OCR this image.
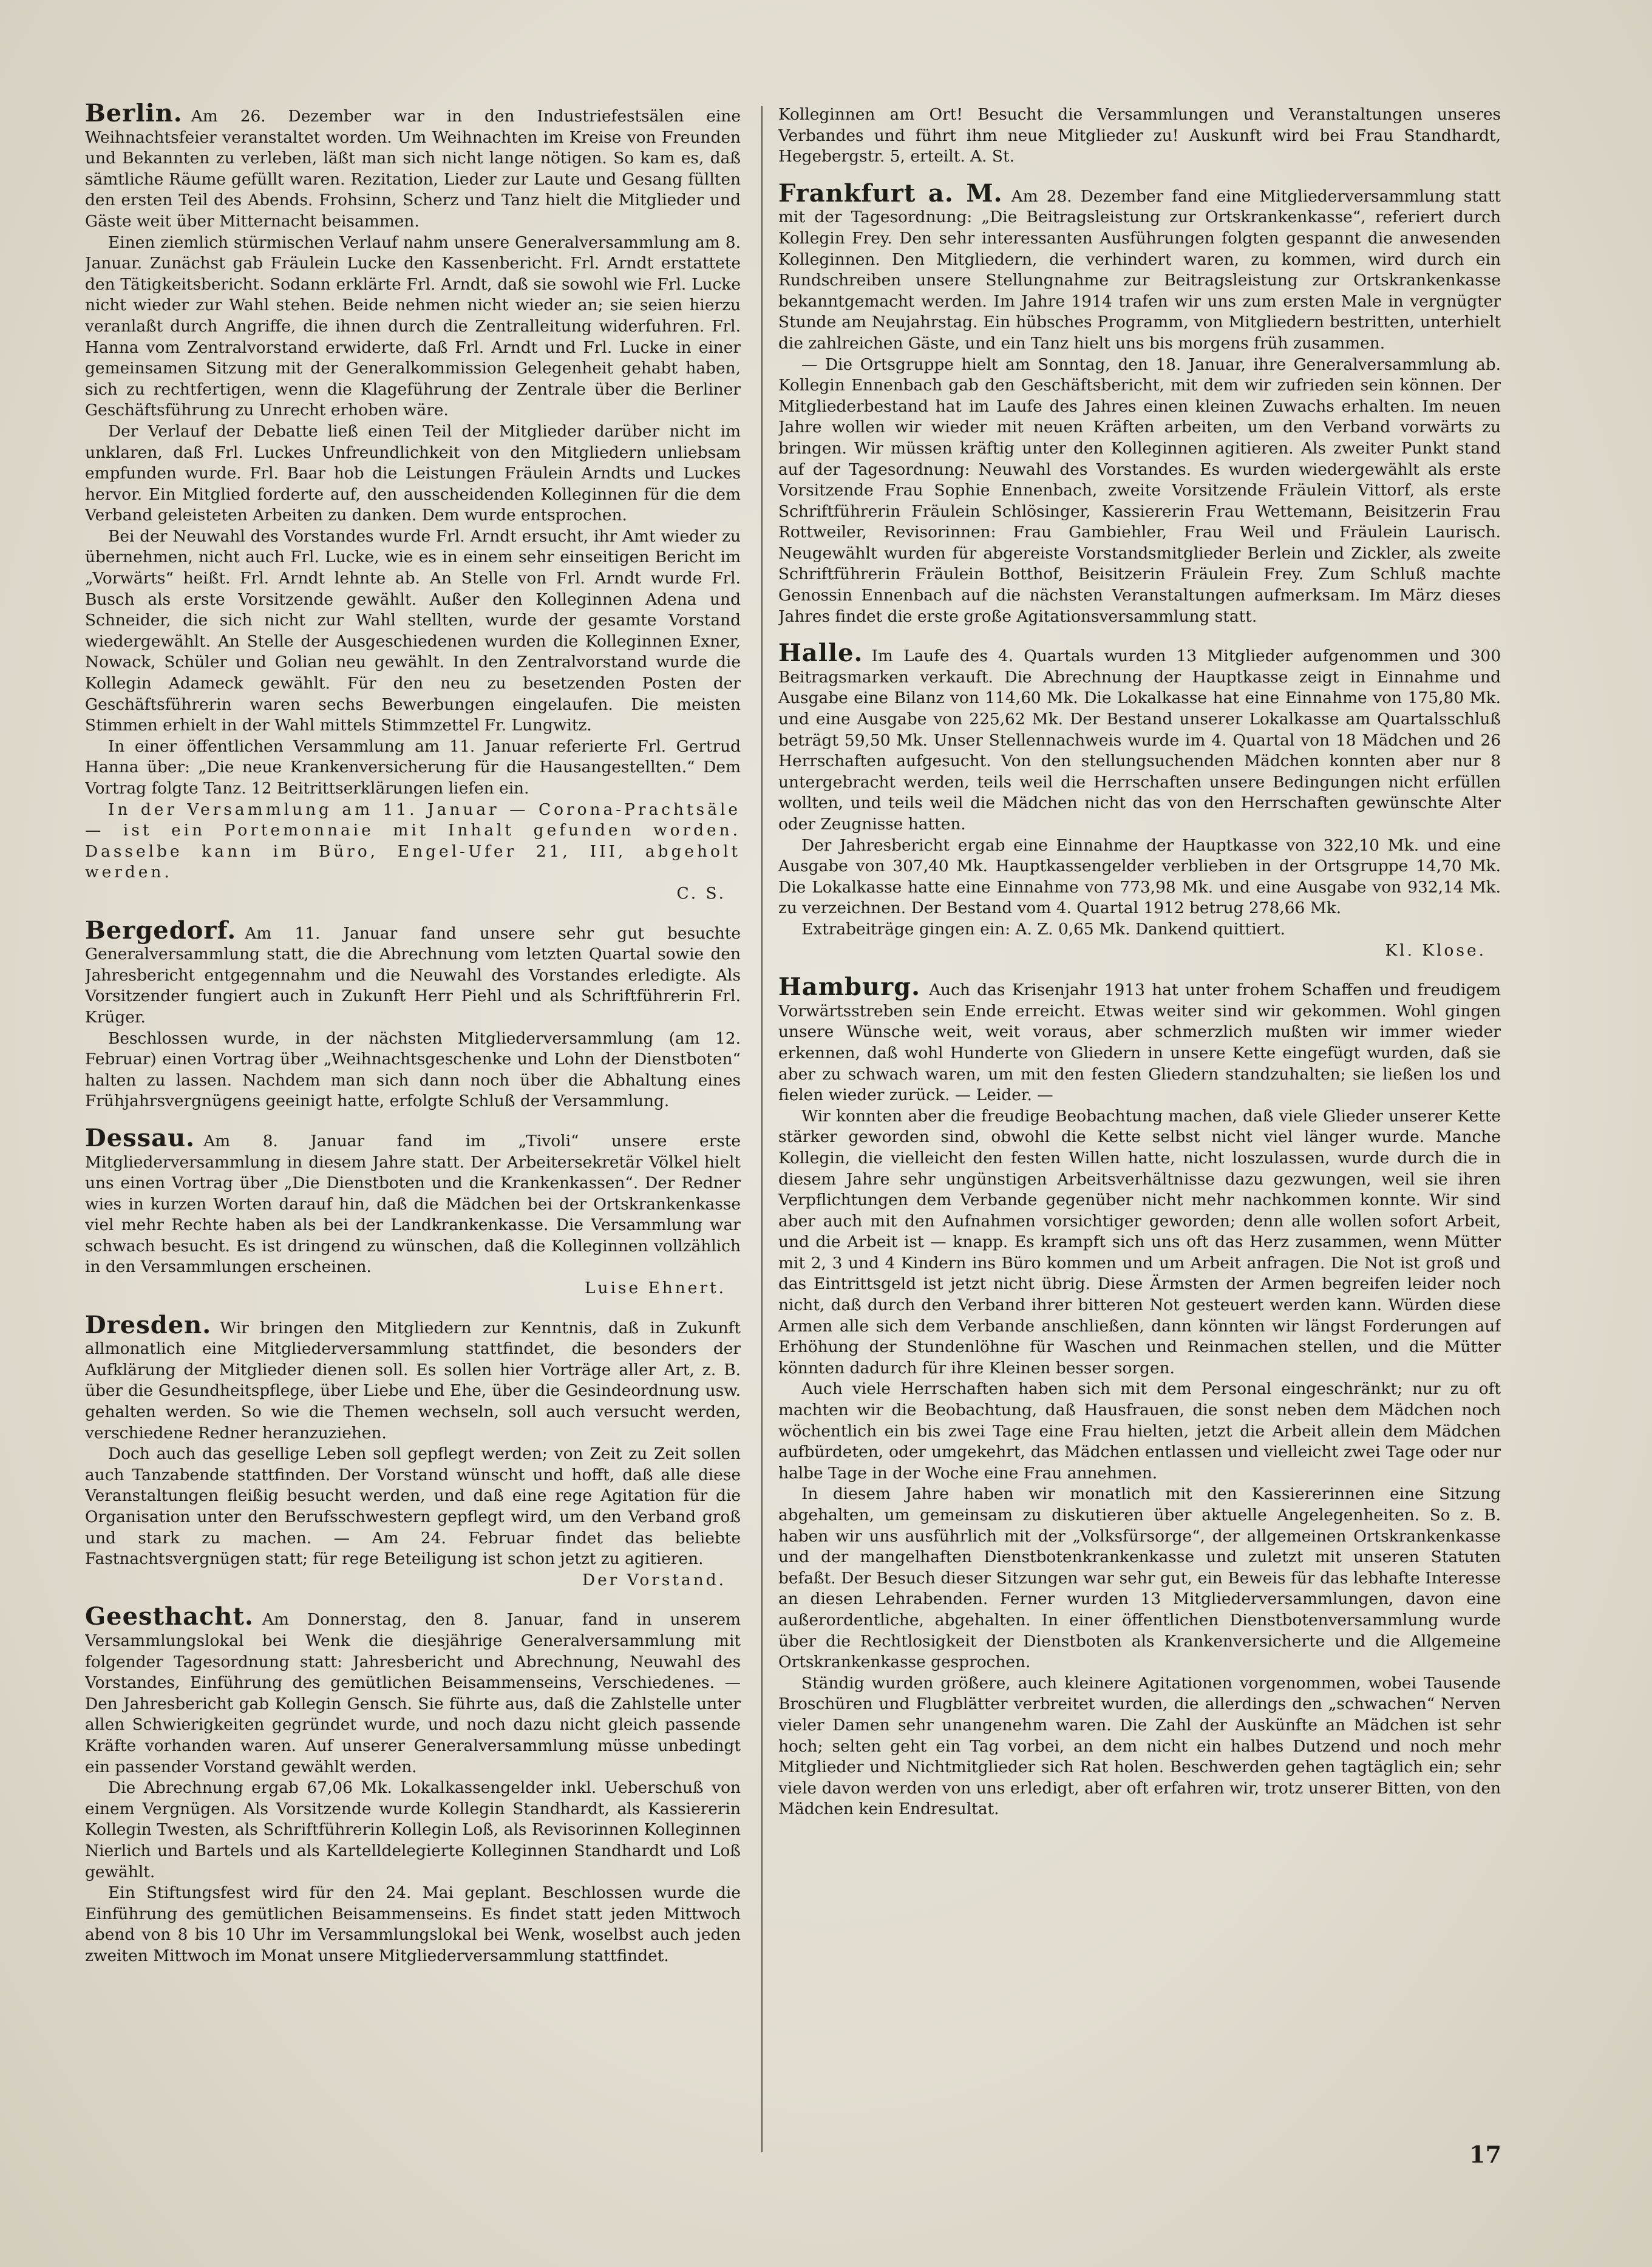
Berlin. Am 26. Dezember war in den Industriefestsälen eine Weihnachtsfeier veranstaltet worden. Um Weihnachten im Kreise von Freunden und Bekannten zu verleben, läßt man sich nicht lange nötigen. So kam es, daß sämtliche Räume gefüllt waren. Rezitation, Lieder zur Laute und Gesang füllten den ersten Teil des Abends. Frohsinn, Scherz und Tanz hielt die Mitglieder und Gäste weit über Mitternacht beisammen.

Einen ziemlich stürmischen Verlauf nahm unsere Generalversammlung am 8. Januar. Zunächst gab Fräulein Lucke den Kassenbericht. Frl. Arndt erstattete den Tätigkeitsbericht. Sodann erklärte Frl. Arndt, daß sie sowohl wie Frl. Lucke nicht wieder zur Wahl stehen. Beide nehmen nicht wieder an; sie seien hierzu veranlaßt durch Angriffe, die ihnen durch die Zentralleitung widerfuhren. Frl. Hanna vom Zentralvorstand erwiderte, daß Frl. Arndt und Frl. Lucke in einer gemeinsamen Sitzung mit der Generalkommission Gelegenheit gehabt haben, sich zu rechtfertigen, wenn die Klageführung der Zentrale über die Berliner Geschäftsführung zu Unrecht erhoben wäre.

Der Verlauf der Debatte ließ einen Teil der Mitglieder darüber nicht im unklaren, daß Frl. Luckes Unfreundlichkeit von den Mitgliedern unliebsam empfunden wurde. Frl. Baar hob die Leistungen Fräulein Arndts und Luckes hervor. Ein Mitglied forderte auf, den ausscheidenden Kolleginnen für die dem Verband geleisteten Arbeiten zu danken. Dem wurde entsprochen.

Bei der Neuwahl des Vorstandes wurde Frl. Arndt ersucht, ihr Amt wieder zu übernehmen, nicht auch Frl. Lucke, wie es in einem sehr einseitigen Bericht im „Vorwärts“ heißt. Frl. Arndt lehnte ab. An Stelle von Frl. Arndt wurde Frl. Busch als erste Vorsitzende gewählt. Außer den Kolleginnen Adena und Schneider, die sich nicht zur Wahl stellten, wurde der gesamte Vorstand wiedergewählt. An Stelle der Ausgeschiedenen wurden die Kolleginnen Exner, Nowack, Schüler und Golian neu gewählt. In den Zentralvorstand wurde die Kollegin Adameck gewählt. Für den neu zu besetzenden Posten der Geschäftsführerin waren sechs Bewerbungen eingelaufen. Die meisten Stimmen erhielt in der Wahl mittels Stimmzettel Fr. Lungwitz.

In einer öffentlichen Versammlung am 11. Januar referierte Frl. Gertrud Hanna über: „Die neue Krankenversicherung für die Hausangestellten.“ Dem Vortrag folgte Tanz. 12 Beitrittserklärungen liefen ein.

In der Versammlung am 11. Januar — Corona-Prachtsäle — ist ein Portemonnaie mit Inhalt gefunden worden. Dasselbe kann im Büro, Engel-Ufer 21, III, abgeholt werden.

C. S.

Bergedorf. Am 11. Januar fand unsere sehr gut besuchte Generalversammlung statt, die die Abrechnung vom letzten Quartal sowie den Jahresbericht entgegennahm und die Neuwahl des Vorstandes erledigte. Als Vorsitzender fungiert auch in Zukunft Herr Piehl und als Schriftführerin Frl. Krüger.

Beschlossen wurde, in der nächsten Mitgliederversammlung (am 12. Februar) einen Vortrag über „Weihnachtsgeschenke und Lohn der Dienstboten“ halten zu lassen. Nachdem man sich dann noch über die Abhaltung eines Frühjahrsvergnügens geeinigt hatte, erfolgte Schluß der Versammlung.

Dessau. Am 8. Januar fand im „Tivoli“ unsere erste Mitgliederversammlung in diesem Jahre statt. Der Arbeitersekretär Völkel hielt uns einen Vortrag über „Die Dienstboten und die Krankenkassen“. Der Redner wies in kurzen Worten darauf hin, daß die Mädchen bei der Ortskrankenkasse viel mehr Rechte haben als bei der Landkrankenkasse. Die Versammlung war schwach besucht. Es ist dringend zu wünschen, daß die Kolleginnen vollzählich in den Versammlungen erscheinen.

Luise Ehnert.

Dresden. Wir bringen den Mitgliedern zur Kenntnis, daß in Zukunft allmonatlich eine Mitgliederversammlung stattfindet, die besonders der Aufklärung der Mitglieder dienen soll. Es sollen hier Vorträge aller Art, z. B. über die Gesundheitspflege, über Liebe und Ehe, über die Gesindeordnung usw. gehalten werden. So wie die Themen wechseln, soll auch versucht werden, verschiedene Redner heranzuziehen.

Doch auch das gesellige Leben soll gepflegt werden; von Zeit zu Zeit sollen auch Tanzabende stattfinden. Der Vorstand wünscht und hofft, daß alle diese Veranstaltungen fleißig besucht werden, und daß eine rege Agitation für die Organisation unter den Berufsschwestern gepflegt wird, um den Verband groß und stark zu machen. — Am 24. Februar findet das beliebte Fastnachtsvergnügen statt; für rege Beteiligung ist schon jetzt zu agitieren.

Der Vorstand.

Geesthacht. Am Donnerstag, den 8. Januar, fand in unserem Versammlungslokal bei Wenk die diesjährige Generalversammlung mit folgender Tagesordnung statt: Jahresbericht und Abrechnung, Neuwahl des Vorstandes, Einführung des gemütlichen Beisammenseins, Verschiedenes. — Den Jahresbericht gab Kollegin Gensch. Sie führte aus, daß die Zahlstelle unter allen Schwierigkeiten gegründet wurde, und noch dazu nicht gleich passende Kräfte vorhanden waren. Auf unserer Generalversammlung müsse unbedingt ein passender Vorstand gewählt werden.

Die Abrechnung ergab 67,06 Mk. Lokalkassengelder inkl. Ueberschuß von einem Vergnügen. Als Vorsitzende wurde Kollegin Standhardt, als Kassiererin Kollegin Twesten, als Schriftführerin Kollegin Loß, als Revisorinnen Kolleginnen Nierlich und Bartels und als Kartelldelegierte Kolleginnen Standhardt und Loß gewählt.

Ein Stiftungsfest wird für den 24. Mai geplant. Beschlossen wurde die Einführung des gemütlichen Beisammenseins. Es findet statt jeden Mittwoch abend von 8 bis 10 Uhr im Versammlungslokal bei Wenk, woselbst auch jeden zweiten Mittwoch im Monat unsere Mitgliederversammlung stattfindet.

Kolleginnen am Ort! Besucht die Versammlungen und Veranstaltungen unseres Verbandes und führt ihm neue Mitglieder zu! Auskunft wird bei Frau Standhardt, Hegebergstr. 5, erteilt. A. St.

Frankfurt a. M. Am 28. Dezember fand eine Mitgliederversammlung statt mit der Tagesordnung: „Die Beitragsleistung zur Ortskrankenkasse“, referiert durch Kollegin Frey. Den sehr interessanten Ausführungen folgten gespannt die anwesenden Kolleginnen. Den Mitgliedern, die verhindert waren, zu kommen, wird durch ein Rundschreiben unsere Stellungnahme zur Beitragsleistung zur Ortskrankenkasse bekanntgemacht werden. Im Jahre 1914 trafen wir uns zum ersten Male in vergnügter Stunde am Neujahrstag. Ein hübsches Programm, von Mitgliedern bestritten, unterhielt die zahlreichen Gäste, und ein Tanz hielt uns bis morgens früh zusammen.

— Die Ortsgruppe hielt am Sonntag, den 18. Januar, ihre Generalversammlung ab. Kollegin Ennenbach gab den Geschäftsbericht, mit dem wir zufrieden sein können. Der Mitgliederbestand hat im Laufe des Jahres einen kleinen Zuwachs erhalten. Im neuen Jahre wollen wir wieder mit neuen Kräften arbeiten, um den Verband vorwärts zu bringen. Wir müssen kräftig unter den Kolleginnen agitieren. Als zweiter Punkt stand auf der Tagesordnung: Neuwahl des Vorstandes. Es wurden wiedergewählt als erste Vorsitzende Frau Sophie Ennenbach, zweite Vorsitzende Fräulein Vittorf, als erste Schriftführerin Fräulein Schlösinger, Kassiererin Frau Wettemann, Beisitzerin Frau Rottweiler, Revisorinnen: Frau Gambiehler, Frau Weil und Fräulein Laurisch. Neugewählt wurden für abgereiste Vorstandsmitglieder Berlein und Zickler, als zweite Schriftführerin Fräulein Botthof, Beisitzerin Fräulein Frey. Zum Schluß machte Genossin Ennenbach auf die nächsten Veranstaltungen aufmerksam. Im März dieses Jahres findet die erste große Agitationsversammlung statt.

Halle. Im Laufe des 4. Quartals wurden 13 Mitglieder aufgenommen und 300 Beitragsmarken verkauft. Die Abrechnung der Hauptkasse zeigt in Einnahme und Ausgabe eine Bilanz von 114,60 Mk. Die Lokalkasse hat eine Einnahme von 175,80 Mk. und eine Ausgabe von 225,62 Mk. Der Bestand unserer Lokalkasse am Quartalsschluß beträgt 59,50 Mk. Unser Stellennachweis wurde im 4. Quartal von 18 Mädchen und 26 Herrschaften aufgesucht. Von den stellungsuchenden Mädchen konnten aber nur 8 untergebracht werden, teils weil die Herrschaften unsere Bedingungen nicht erfüllen wollten, und teils weil die Mädchen nicht das von den Herrschaften gewünschte Alter oder Zeugnisse hatten.

Der Jahresbericht ergab eine Einnahme der Hauptkasse von 322,10 Mk. und eine Ausgabe von 307,40 Mk. Hauptkassengelder verblieben in der Ortsgruppe 14,70 Mk. Die Lokalkasse hatte eine Einnahme von 773,98 Mk. und eine Ausgabe von 932,14 Mk. zu verzeichnen. Der Bestand vom 4. Quartal 1912 betrug 278,66 Mk.

Extrabeiträge gingen ein: A. Z. 0,65 Mk. Dankend quittiert.

Kl. Klose.

Hamburg. Auch das Krisenjahr 1913 hat unter frohem Schaffen und freudigem Vorwärtsstreben sein Ende erreicht. Etwas weiter sind wir gekommen. Wohl gingen unsere Wünsche weit, weit voraus, aber schmerzlich mußten wir immer wieder erkennen, daß wohl Hunderte von Gliedern in unsere Kette eingefügt wurden, daß sie aber zu schwach waren, um mit den festen Gliedern standzuhalten; sie ließen los und fielen wieder zurück. — Leider. —

Wir konnten aber die freudige Beobachtung machen, daß viele Glieder unserer Kette stärker geworden sind, obwohl die Kette selbst nicht viel länger wurde. Manche Kollegin, die vielleicht den festen Willen hatte, nicht loszulassen, wurde durch die in diesem Jahre sehr ungünstigen Arbeitsverhältnisse dazu gezwungen, weil sie ihren Verpflichtungen dem Verbande gegenüber nicht mehr nachkommen konnte. Wir sind aber auch mit den Aufnahmen vorsichtiger geworden; denn alle wollen sofort Arbeit, und die Arbeit ist — knapp. Es krampft sich uns oft das Herz zusammen, wenn Mütter mit 2, 3 und 4 Kindern ins Büro kommen und um Arbeit anfragen. Die Not ist groß und das Eintrittsgeld ist jetzt nicht übrig. Diese Ärmsten der Armen begreifen leider noch nicht, daß durch den Verband ihrer bitteren Not gesteuert werden kann. Würden diese Armen alle sich dem Verbande anschließen, dann könnten wir längst Forderungen auf Erhöhung der Stundenlöhne für Waschen und Reinmachen stellen, und die Mütter könnten dadurch für ihre Kleinen besser sorgen.

Auch viele Herrschaften haben sich mit dem Personal eingeschränkt; nur zu oft machten wir die Beobachtung, daß Hausfrauen, die sonst neben dem Mädchen noch wöchentlich ein bis zwei Tage eine Frau hielten, jetzt die Arbeit allein dem Mädchen aufbürdeten, oder umgekehrt, das Mädchen entlassen und vielleicht zwei Tage oder nur halbe Tage in der Woche eine Frau annehmen.

In diesem Jahre haben wir monatlich mit den Kassiererinnen eine Sitzung abgehalten, um gemeinsam zu diskutieren über aktuelle Angelegenheiten. So z. B. haben wir uns ausführlich mit der „Volksfürsorge“, der allgemeinen Ortskrankenkasse und der mangelhaften Dienstbotenkrankenkasse und zuletzt mit unseren Statuten befaßt. Der Besuch dieser Sitzungen war sehr gut, ein Beweis für das lebhafte Interesse an diesen Lehrabenden. Ferner wurden 13 Mitgliederversammlungen, davon eine außerordentliche, abgehalten. In einer öffentlichen Dienstbotenversammlung wurde über die Rechtlosigkeit der Dienstboten als Krankenversicherte und die Allgemeine Ortskrankenkasse gesprochen.

Ständig wurden größere, auch kleinere Agitationen vorgenommen, wobei Tausende Broschüren und Flugblätter verbreitet wurden, die allerdings den „schwachen“ Nerven vieler Damen sehr unangenehm waren. Die Zahl der Auskünfte an Mädchen ist sehr hoch; selten geht ein Tag vorbei, an dem nicht ein halbes Dutzend und noch mehr Mitglieder und Nichtmitglieder sich Rat holen. Beschwerden gehen tagtäglich ein; sehr viele davon werden von uns erledigt, aber oft erfahren wir, trotz unserer Bitten, von den Mädchen kein Endresultat.

17
